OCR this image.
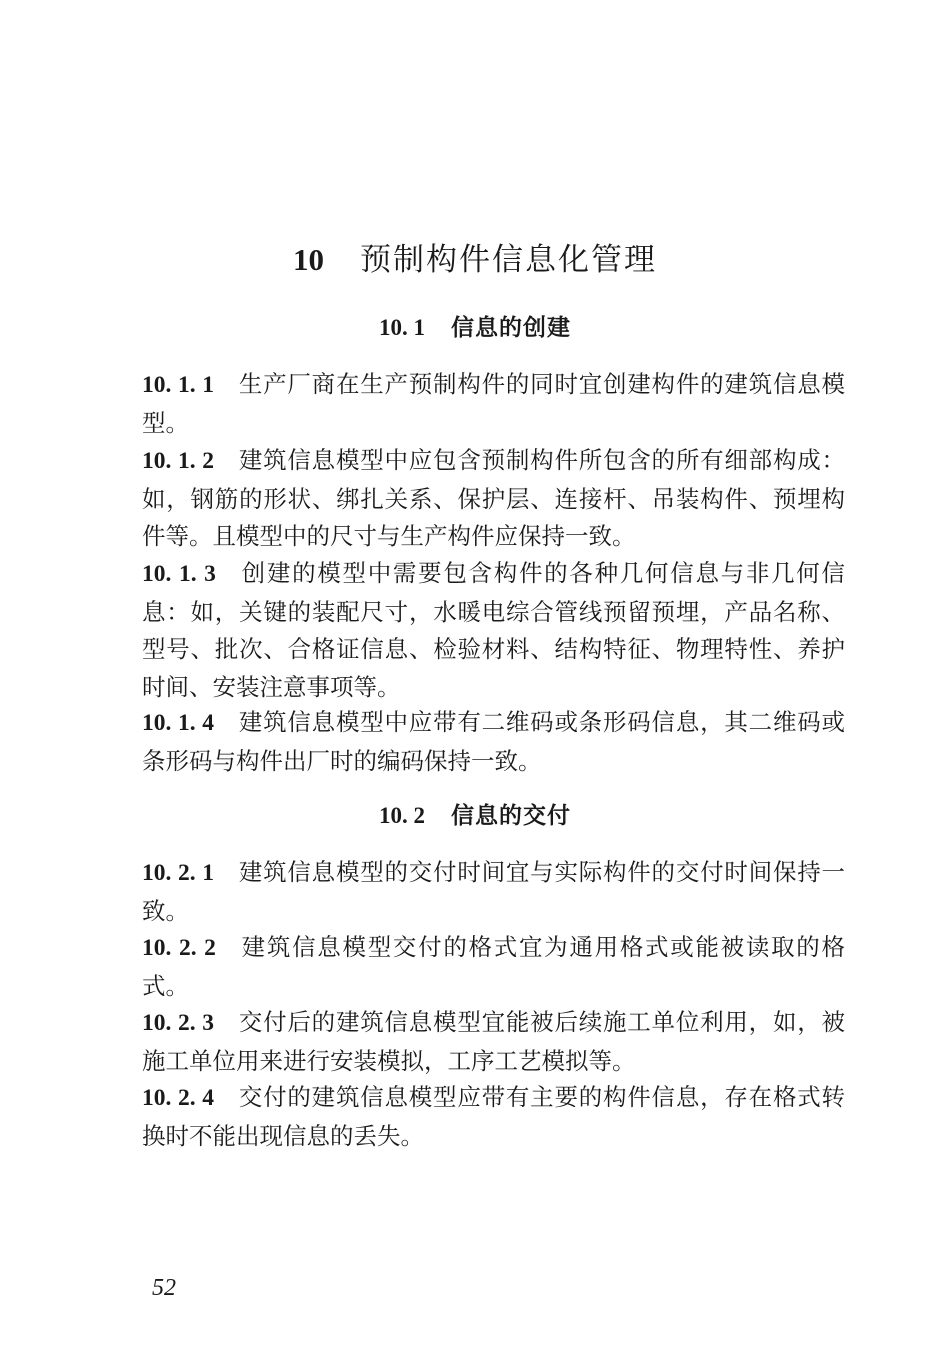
10 预制构件信息化管理
10. 1 信息的创建
10. 1. 1 生产厂商在生产预制构件的同时宜创建构件的建筑信息模型。
10. 1. 2 建筑信息模型中应包含预制构件所包含的所有细部构成：如，钢筋的形状、绑扎关系、保护层、连接杆、吊装构件、预埋构件等。且模型中的尺寸与生产构件应保持一致。
10. 1. 3 创建的模型中需要包含构件的各种几何信息与非几何信息：如，关键的装配尺寸，水暖电综合管线预留预埋，产品名称、型号、批次、合格证信息、检验材料、结构特征、物理特性、养护时间、安装注意事项等。
10. 1. 4 建筑信息模型中应带有二维码或条形码信息，其二维码或条形码与构件出厂时的编码保持一致。
10. 2 信息的交付
10. 2. 1 建筑信息模型的交付时间宜与实际构件的交付时间保持一致。
10. 2. 2 建筑信息模型交付的格式宜为通用格式或能被读取的格式。
10. 2. 3 交付后的建筑信息模型宜能被后续施工单位利用，如，被施工单位用来进行安装模拟，工序工艺模拟等。
10. 2. 4 交付的建筑信息模型应带有主要的构件信息，存在格式转换时不能出现信息的丢失。
52
